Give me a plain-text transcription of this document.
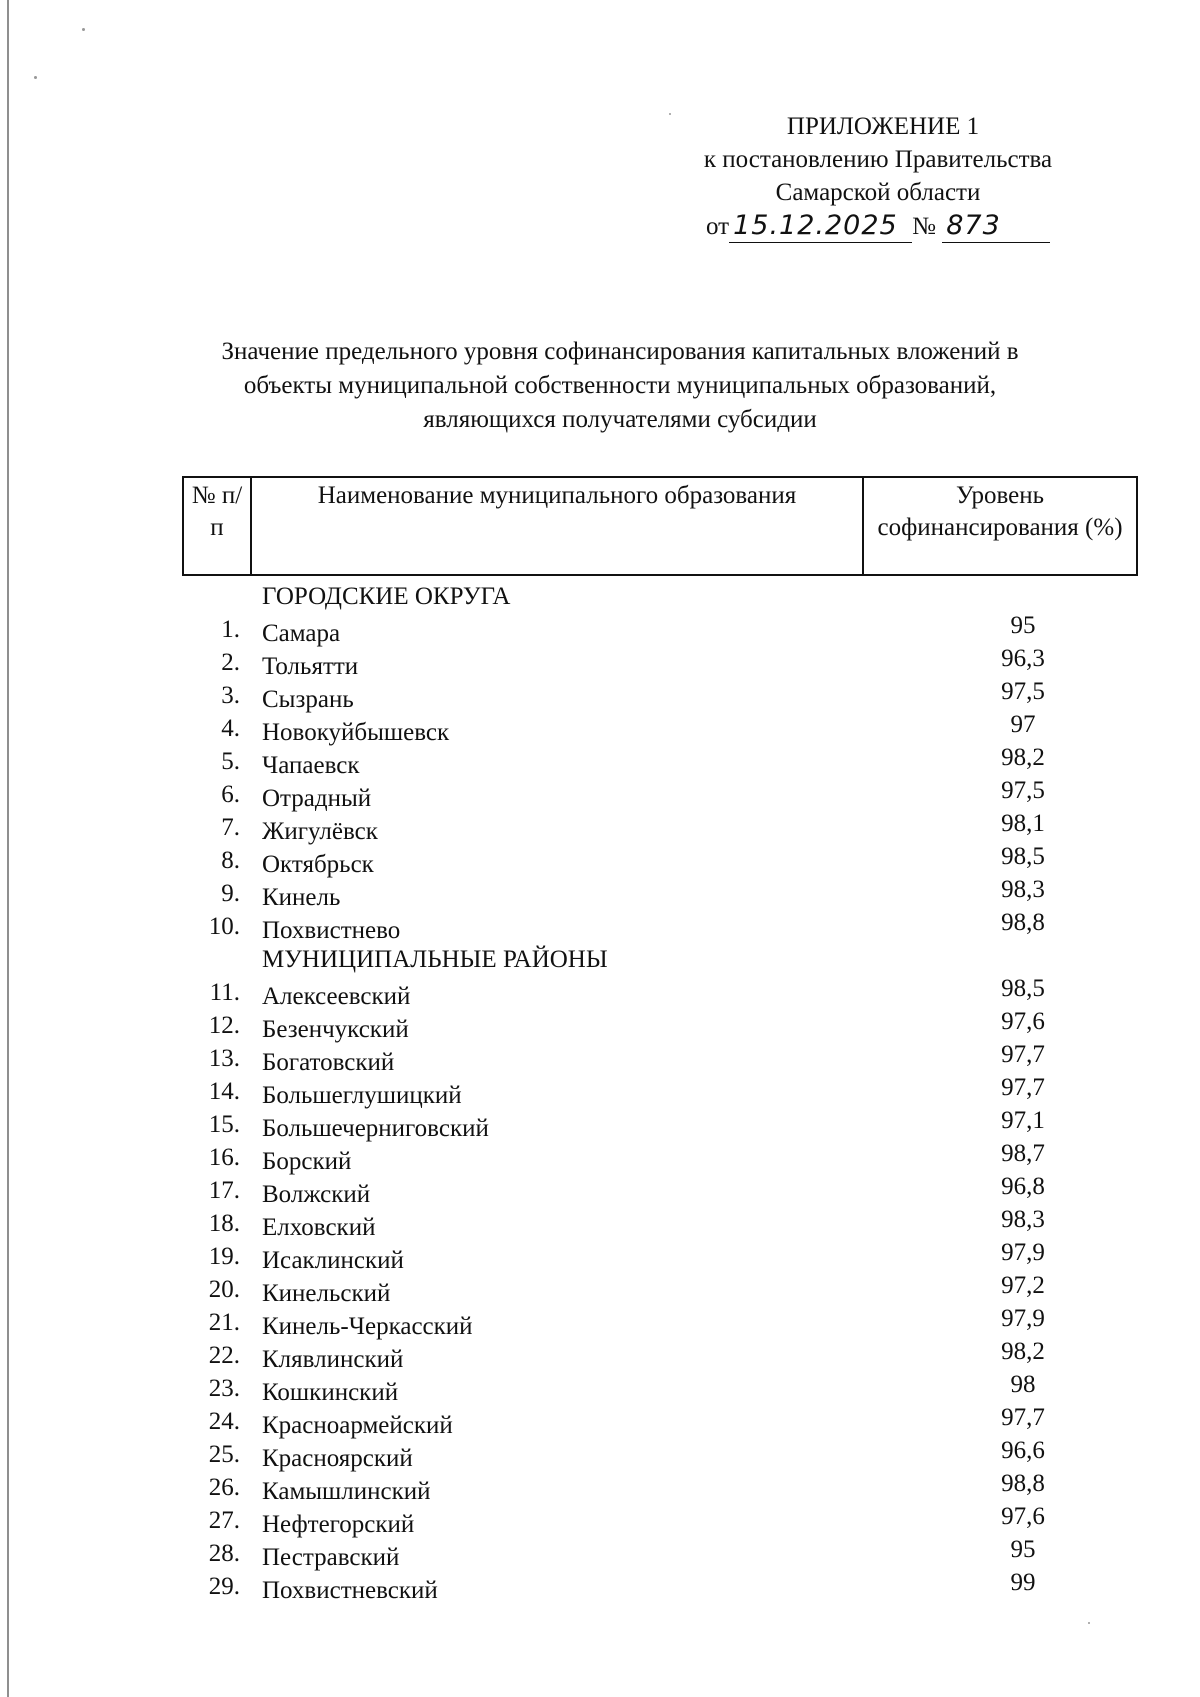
ПРИЛОЖЕНИЕ 1
к постановлению Правительства
Самарской области
от 15.12.2025 № 873
Значение предельного уровня софинансирования капитальных вложений в
объекты муниципальной собственности муниципальных образований,
являющихся получателями субсидии
№ п/п	Наименование муниципального образования	Уровень софинансирования (%)
ГОРОДСКИЕ ОКРУГА
1. Самара	95
2. Тольятти	96,3
3. Сызрань	97,5
4. Новокуйбышевск	97
5. Чапаевск	98,2
6. Отрадный	97,5
7. Жигулёвск	98,1
8. Октябрьск	98,5
9. Кинель	98,3
10. Похвистнево	98,8
МУНИЦИПАЛЬНЫЕ РАЙОНЫ
11. Алексеевский	98,5
12. Безенчукский	97,6
13. Богатовский	97,7
14. Большеглушицкий	97,7
15. Большечерниговский	97,1
16. Борский	98,7
17. Волжский	96,8
18. Елховский	98,3
19. Исаклинский	97,9
20. Кинельский	97,2
21. Кинель-Черкасский	97,9
22. Клявлинский	98,2
23. Кошкинский	98
24. Красноармейский	97,7
25. Красноярский	96,6
26. Камышлинский	98,8
27. Нефтегорский	97,6
28. Пестравский	95
29. Похвистневский	99
